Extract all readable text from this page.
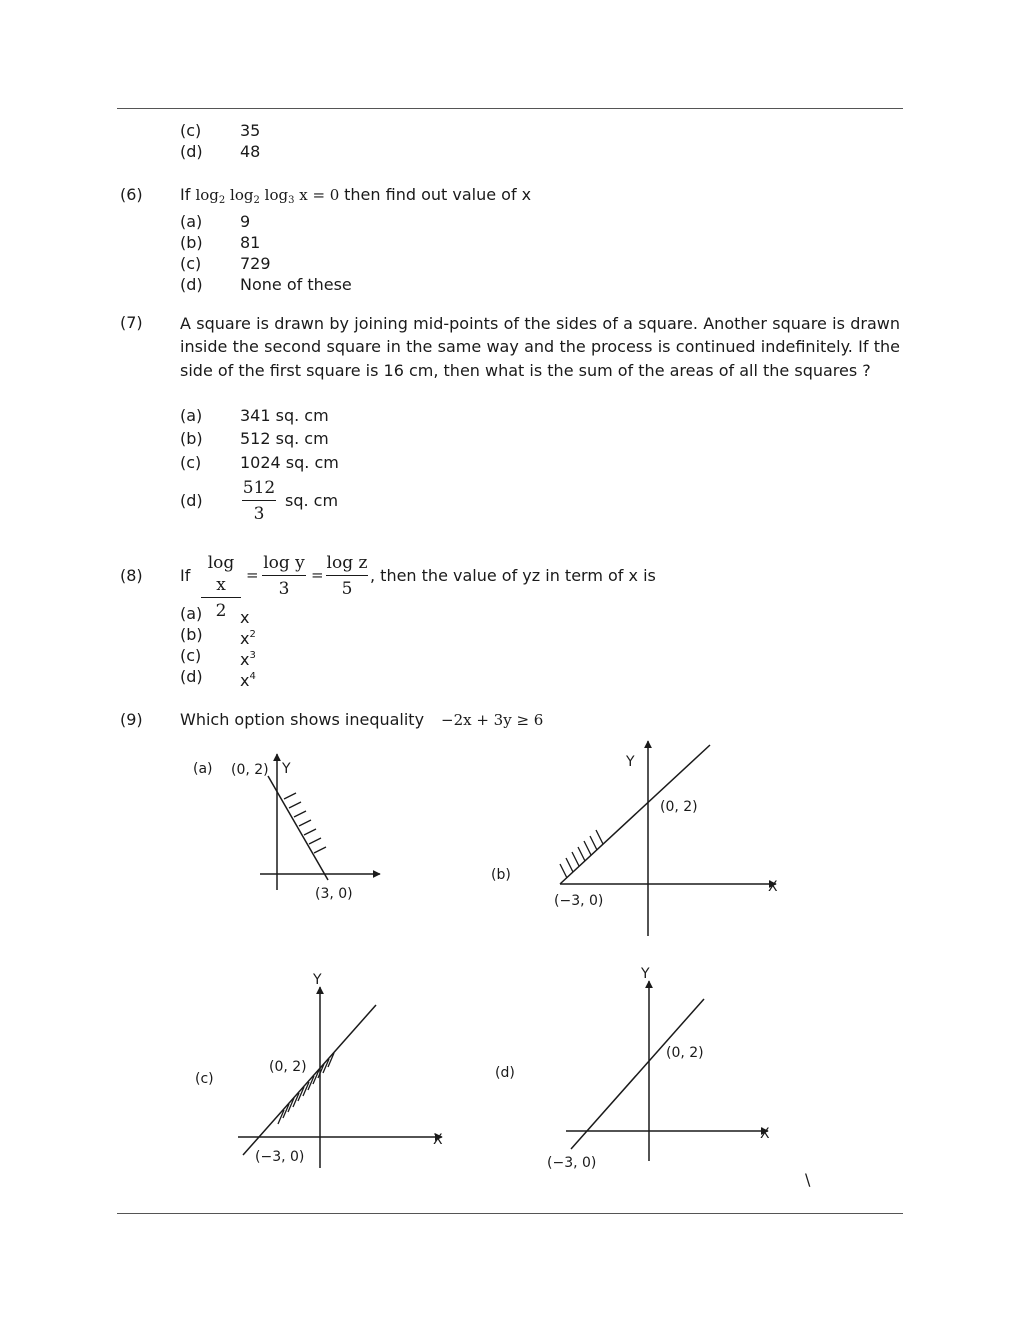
(c) 35
(d) 48
(6) If $\log_2 \log_2 \log_3 x = 0$ then find out value of x
(a) 9
(b) 81
(c) 729
(d) None of these
(7) A square is drawn by joining mid-points of the sides of a square. Another square is drawn inside the second square in the same way and the process is continued indefinitely. If the side of the first square is 16 cm, then what is the sum of the areas of all the squares ?
(a) 341 sq. cm
(b) 512 sq. cm
(c) 1024 sq. cm
(d)
512
3
sq. cm
(8) If
log x
2
=
log y
3
=
log z
5
, then the value of yz in term of x is
(a) x
(b) $x^2$
(c) $x^3$
(d) $x^4$
(9) Which option shows inequality −2x + 3y ≥ 6
(a)	Y
(0, 2)
(3, 0)
(b)
X
Y
(0, 2)
(−3, 0)
(c)
X
Y
(0, 2)
(−3, 0)
(d)
X
Y
(0, 2)
(−3, 0)
\
